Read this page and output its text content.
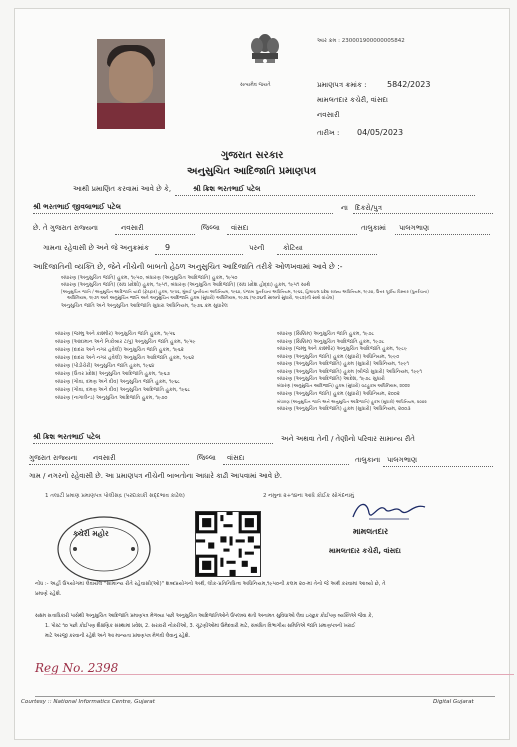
આર ક્રમ : 230001900000005842
સત્યમેવ જયતે	પ્રમાણપત્ર ક્રમાંક :	5842/2023
મામલતદાર કચેરી, વાંસદા
નવસારી
તારીખ : 04/05/2023
ગુજરાત સરકાર
અનુસુચિત આદિજાતિ પ્રમાણપત્ર
આથી પ્રમાણિત કરવામાં આવે છે કે,	શ્રી ક્રિશ ભરતભાઈ પટેલ
શ્રી ભરતભાઈ જીવલાભાઈ પટેલ	ના દિકરો/પુત્ર
છે. તે ગુજરાત રાજ્યના	નવસારી	જિલ્લા વાંસદા	તાલુકામાં પાલગભાણ
ગામના રહેવાસી છે અને જે અનુક્રમાંક 9	પરની	કોટિયા
આદિજાતિની વ્યક્તિ છે, જેને નીચેની બાબતો હેઠળ અનુસુચિત આદિજાતિ તરીકે ઓળખવામાં આવે છે :-
બંધારણ (અનુસુચિત જાતિ) હુકમ, ૧૯૫૦, બંધારણ (અનુસુચિત આદિજાતિ) હુકમ, ૧૯૫૦
બંધારણ (અનુસુચિત જાતિ) (સંઘ પ્રદેશો) હુકમ, ૧૯૫૧, બંધારણ (અનુસુચિત આદિજાતિ) (સંઘ પ્રદેશ હોદ્દા) હુકમ, ૧૯૫૧ સાથે
[અનુસુચિત જાતિ / અનુસુચિત આદિજાતિ યાદી (ફેરફાર) હુકમ, ૧૯૫૬, મુંબઈ પુનર્રચના અધિનિયમ, ૧૯૬૦, પંજાબ પુનર્રચના અધિનિયમ, ૧૯૬૬, હિમાચલ પ્રદેશ રાજ્ય અધિનિયમ, ૧૯૭૦, ઉત્તર પૂર્વીય વિસ્તાર (પુનર્રચના)
અધિનિયમ, ૧૯૭૧ અને અનુસુચિત જાતિ અને અનુસુચિત આદિજાતિ હુકમ (સુધારો) અધિનિયમ, ૧૯૭૬ (૧૯૭૬ની સાલનો સુધારો, ૧૯૮૨)ની સાથે વાંચેલ]
અનુસુચિત જાતિ અને અનુસુચિત આદિજાતિ સુધારા અધિનિયમ, ૧૯૭૬ ક્રમ સુધારેલ
બંધારણ (જમ્મુ અને કાશ્મીર) અનુસુચિત જાતિ હુકમ, ૧૯૫૬
બંધારણ (આંદામાન અને નિકોબાર ટાપુ) અનુસુચિત જાતિ હુકમ, ૧૯૫૯
બંધારણ (દાદરા અને નગર હવેલી) અનુસુચિત જાતિ હુકમ, ૧૯૬૨
બંધારણ (દાદરા અને નગર હવેલી) અનુસુચિત આદિજાતિ હુકમ, ૧૯૬૨
બંધારણ (પોંડીચેરી) અનુસુચિત જાતિ હુકમ, ૧૯૬૪
બંધારણ (ઉત્તર પ્રદેશ) અનુસુચિત આદિજાતિ હુકમ, ૧૯૬૭
બંધારણ (ગોવા, દમણ અને દીવ) અનુસુચિત જાતિ હુકમ, ૧૯૬૮
બંધારણ (ગોવા, દમણ અને દીવ) અનુસુચિત આદિજાતિ હુકમ, ૧૯૬૮
બંધારણ (નાગાલેન્ડ) અનુસુચિત આદિજાતિ હુકમ, ૧૯૭૦
બંધારણ (સિક્કિમ) અનુસુચિત જાતિ હુકમ, ૧૯૭૮
બંધારણ (સિક્કિમ) અનુસુચિત આદિજાતિ હુકમ, ૧૯૭૮
બંધારણ (જમ્મુ અને કાશ્મીર) અનુસુચિત આદિજાતિ હુકમ, ૧૯૮૯
બંધારણ (અનુસુચિત જાતિ) હુકમ (સુધારો) અધિનિયમ, ૧૯૯૦
બંધારણ (અનુસુચિત આદિજાતિ) હુકમ (સુધારો) અધિનિયમ, ૧૯૯૧
બંધારણ (અનુસુચિત આદિજાતિ) હુકમ (બીજો સુધારો) અધિનિયમ, ૧૯૯૧
બંધારણ (અનુસુચિત આદિજાતિ) આદેશ, ૧૯૭૮ સુધારો
બંધારણ (અનુસુચિત આદિજાતિ) હુકમ (સુધારો) વટહુકમ અધિનિયમ, ૨૦૦૨
બંધારણ (અનુસુચિત જાતિ) હુકમ (સુધારો) અધિનિયમ, ૨૦૦૨
બંધારણ (અનુસુચિત જાતિ અને અનુસુચિત આદિજાતિ) હુકમ (સુધારો) અધિનિયમ, ૨૦૦૨
બંધારણ (અનુસુચિત આદિજાતિ) હુકમ (સુધારો) અધિનિયમ, ૨૦૦૩
શ્રી ક્રિશ ભરતભાઈ પટેલ	અને અથવા તેની / તેણીનો પરિવાર સામાન્ય રીતે
ગુજરાત રાજ્યના નવસારી	જિલ્લા વાંસદા	તાલુકાના પાલગભાણ
ગામ / નગરનો રહેવાસી છે. આ પ્રમાણપત્ર નીચેની બાબતોના આધારે કાઢી આપવામાં આવે છે.
1 તલાટી પ્રમાણ પ્રમાણપત્ર પોલીસદ્ર (પરદાકાકી સદ્દભાવ કાઢેલ)	2 નમુના ૨+૧૪ના આધે કોઈક સોગંદનામું
ક્ચેરી મહોર	મામલતદાર
મામલતદાર કચેરી, વાંસદા
નોંધ :- અહીં ઉપયોગમાં લેવાયેલ "સામાન્ય રીતે રહેવાસી(ઓ)" શબ્દપ્રયોગનો અર્થ, લોક-પ્રતિનિધિત્વ અધિનિયમ,૧૯૫૦ની કલમ ૨૦-માં તેનો જે અર્થ કરવામાં આવ્યો છે, તે
પ્રમાણે રહેશે.
સક્ષમ સત્તાધિકારી પાસેથી અનુસુચિત આદિજાતિ પ્રમાણપત્ર મેળવ્યા પછી અનુસુચિત આદિજાતિઓને ઉપલબ્ધ થતી અનામત સુવિધાઓ લેવા ઇચ્છુક કોઈપણ વ્યક્તિએ જેવા કે,
1. પોસ્ટ ૧૦ પછી કોઈપણ શૈક્ષણિક સંસ્થામાં પ્રવેશ, 2. સરકારી નોકરીઓ, 3. ચૂંટણીઓમાં ઉમેદવારી માટે, સંબંધિત વિભાગીય સમિતિએ જાતિ પ્રમાણપત્રની ખરાઈ
માટે અરજી કરવાની રહેશે અને આ માન્યતા પ્રમાણપત્ર મેળવી લેવાનું રહેશે.
Reg No. 2398
Courtesy :: National Informatics Centre, Gujarat	Digital Gujarat
